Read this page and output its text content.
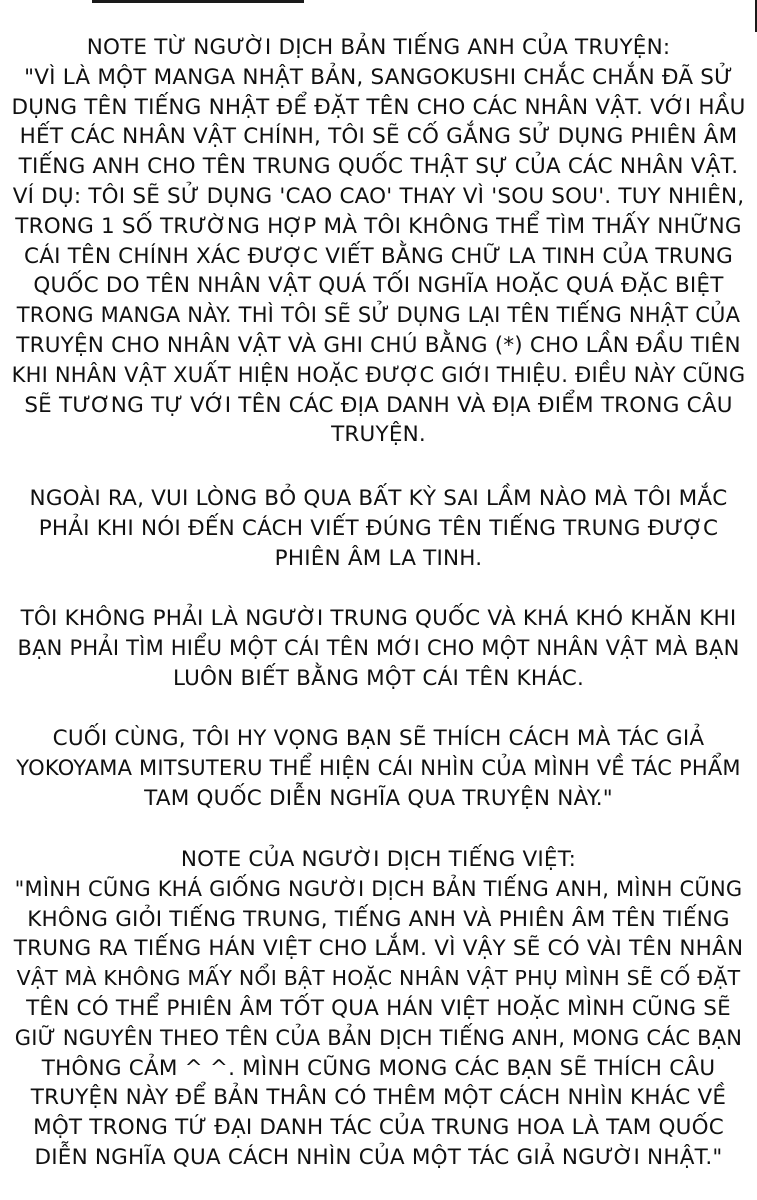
NOTE TỪ NGƯỜI DỊCH BẢN TIẾNG ANH CỦA TRUYỆN:
"VÌ LÀ MỘT MANGA NHẬT BẢN, SANGOKUSHI CHẮC CHẮN ĐÃ SỬ
DỤNG TÊN TIẾNG NHẬT ĐỂ ĐẶT TÊN CHO CÁC NHÂN VẬT. VỚI HẦU
HẾT CÁC NHÂN VẬT CHÍNH, TÔI SẼ CỐ GẮNG SỬ DỤNG PHIÊN ÂM
TIẾNG ANH CHO TÊN TRUNG QUỐC THẬT SỰ CỦA CÁC NHÂN VẬT.
VÍ DỤ: TÔI SẼ SỬ DỤNG 'CAO CAO' THAY VÌ 'SOU SOU'. TUY NHIÊN,
TRONG 1 SỐ TRƯỜNG HỢP MÀ TÔI KHÔNG THỂ TÌM THẤY NHỮNG
CÁI TÊN CHÍNH XÁC ĐƯỢC VIẾT BẰNG CHỮ LA TINH CỦA TRUNG
QUỐC DO TÊN NHÂN VẬT QUÁ TỐI NGHĨA HOẶC QUÁ ĐẶC BIỆT
TRONG MANGA NÀY. THÌ TÔI SẼ SỬ DỤNG LẠI TÊN TIẾNG NHẬT CỦA
TRUYỆN CHO NHÂN VẬT VÀ GHI CHÚ BẰNG (*) CHO LẦN ĐẦU TIÊN
KHI NHÂN VẬT XUẤT HIỆN HOẶC ĐƯỢC GIỚI THIỆU. ĐIỀU NÀY CŨNG
SẼ TƯƠNG TỰ VỚI TÊN CÁC ĐỊA DANH VÀ ĐỊA ĐIỂM TRONG CÂU
TRUYỆN.
NGOÀI RA, VUI LÒNG BỎ QUA BẤT KỲ SAI LẦM NÀO MÀ TÔI MẮC
PHẢI KHI NÓI ĐẾN CÁCH VIẾT ĐÚNG TÊN TIẾNG TRUNG ĐƯỢC
PHIÊN ÂM LA TINH.
TÔI KHÔNG PHẢI LÀ NGƯỜI TRUNG QUỐC VÀ KHÁ KHÓ KHĂN KHI
BẠN PHẢI TÌM HIỂU MỘT CÁI TÊN MỚI CHO MỘT NHÂN VẬT MÀ BẠN
LUÔN BIẾT BẰNG MỘT CÁI TÊN KHÁC.
CUỐI CÙNG, TÔI HY VỌNG BẠN SẼ THÍCH CÁCH MÀ TÁC GIẢ
YOKOYAMA MITSUTERU THỂ HIỆN CÁI NHÌN CỦA MÌNH VỀ TÁC PHẨM
TAM QUỐC DIỄN NGHĨA QUA TRUYỆN NÀY."
NOTE CỦA NGƯỜI DỊCH TIẾNG VIỆT:
"MÌNH CŨNG KHÁ GIỐNG NGƯỜI DỊCH BẢN TIẾNG ANH, MÌNH CŨNG
KHÔNG GIỎI TIẾNG TRUNG, TIẾNG ANH VÀ PHIÊN ÂM TÊN TIẾNG
TRUNG RA TIẾNG HÁN VIỆT CHO LẮM. VÌ VẬY SẼ CÓ VÀI TÊN NHÂN
VẬT MÀ KHÔNG MẤY NỔI BẬT HOẶC NHÂN VẬT PHỤ MÌNH SẼ CỐ ĐẶT
TÊN CÓ THỂ PHIÊN ÂM TỐT QUA HÁN VIỆT HOẶC MÌNH CŨNG SẼ
GIỮ NGUYÊN THEO TÊN CỦA BẢN DỊCH TIẾNG ANH, MONG CÁC BẠN
THÔNG CẢM ^ ^. MÌNH CŨNG MONG CÁC BẠN SẼ THÍCH CÂU
TRUYỆN NÀY ĐỂ BẢN THÂN CÓ THÊM MỘT CÁCH NHÌN KHÁC VỀ
MỘT TRONG TỨ ĐẠI DANH TÁC CỦA TRUNG HOA LÀ TAM QUỐC
DIỄN NGHĨA QUA CÁCH NHÌN CỦA MỘT TÁC GIẢ NGƯỜI NHẬT."
